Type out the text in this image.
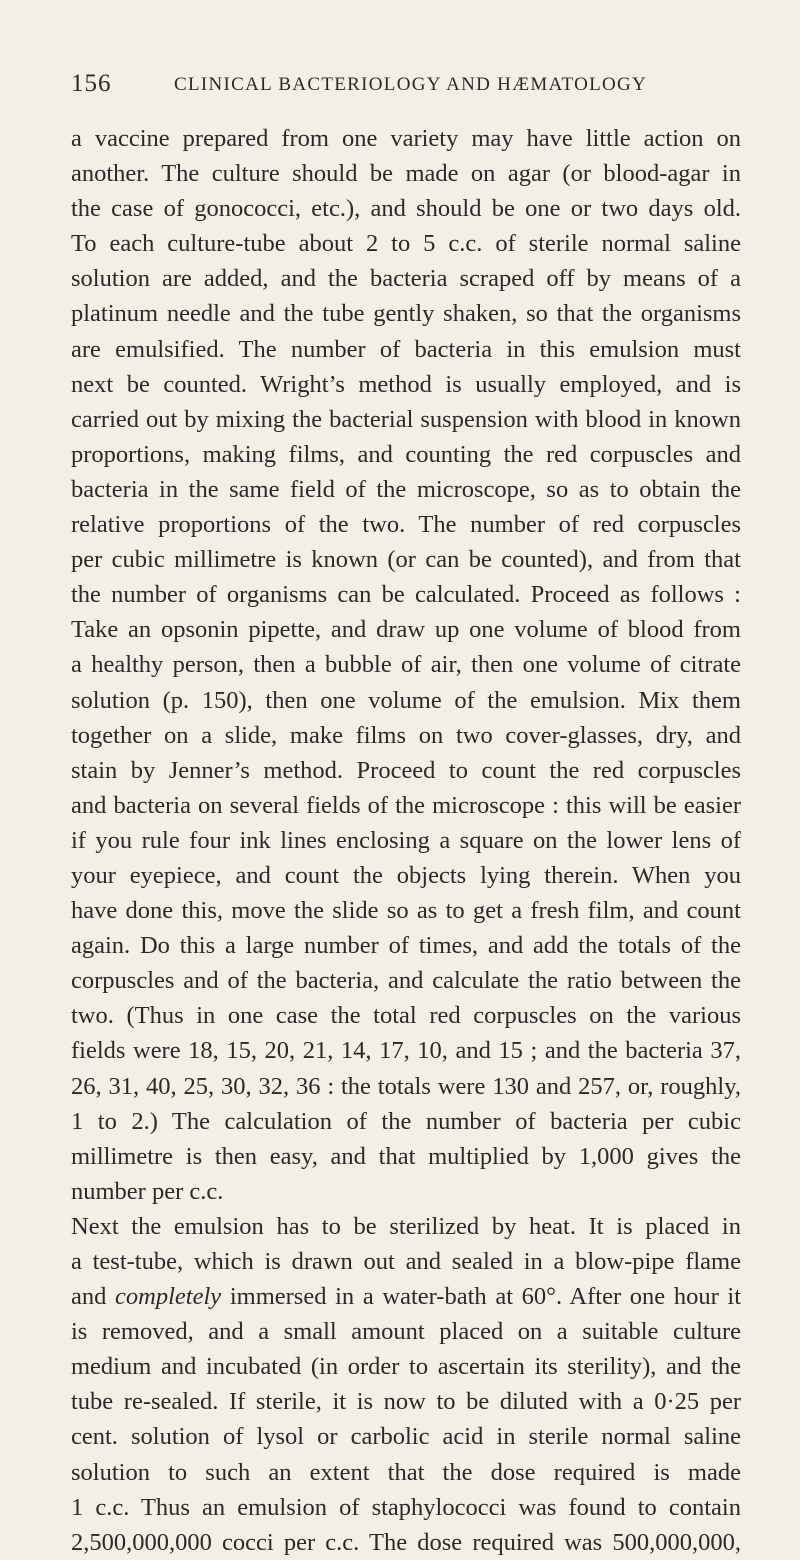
156	CLINICAL BACTERIOLOGY AND HÆMATOLOGY
a vaccine prepared from one variety may have little action on
another. The culture should be made on agar (or blood-agar in
the case of gonococci, etc.), and should be one or two days old.
To each culture-tube about 2 to 5 c.c. of sterile normal saline
solution are added, and the bacteria scraped off by means of a
platinum needle and the tube gently shaken, so that the organisms
are emulsified. The number of bacteria in this emulsion must
next be counted. Wright’s method is usually employed, and is
carried out by mixing the bacterial suspension with blood in known
proportions, making films, and counting the red corpuscles and
bacteria in the same field of the microscope, so as to obtain the
relative proportions of the two. The number of red corpuscles
per cubic millimetre is known (or can be counted), and from that
the number of organisms can be calculated. Proceed as follows :
Take an opsonin pipette, and draw up one volume of blood from
a healthy person, then a bubble of air, then one volume of citrate
solution (p. 150), then one volume of the emulsion. Mix them
together on a slide, make films on two cover-glasses, dry, and
stain by Jenner’s method. Proceed to count the red corpuscles
and bacteria on several fields of the microscope : this will be easier
if you rule four ink lines enclosing a square on the lower lens of
your eyepiece, and count the objects lying therein. When you
have done this, move the slide so as to get a fresh film, and count
again. Do this a large number of times, and add the totals of the
corpuscles and of the bacteria, and calculate the ratio between the
two. (Thus in one case the total red corpuscles on the various
fields were 18, 15, 20, 21, 14, 17, 10, and 15 ; and the bacteria 37,
26, 31, 40, 25, 30, 32, 36 : the totals were 130 and 257, or, roughly,
1 to 2.) The calculation of the number of bacteria per cubic
millimetre is then easy, and that multiplied by 1,000 gives the
number per c.c.
Next the emulsion has to be sterilized by heat. It is placed in
a test-tube, which is drawn out and sealed in a blow-pipe flame
and completely immersed in a water-bath at 60°. After one hour it
is removed, and a small amount placed on a suitable culture
medium and incubated (in order to ascertain its sterility), and the
tube re-sealed. If sterile, it is now to be diluted with a 0·25 per
cent. solution of lysol or carbolic acid in sterile normal saline
solution to such an extent that the dose required is made
1 c.c. Thus an emulsion of staphylococci was found to contain
2,500,000,000 cocci per c.c. The dose required was 500,000,000,
